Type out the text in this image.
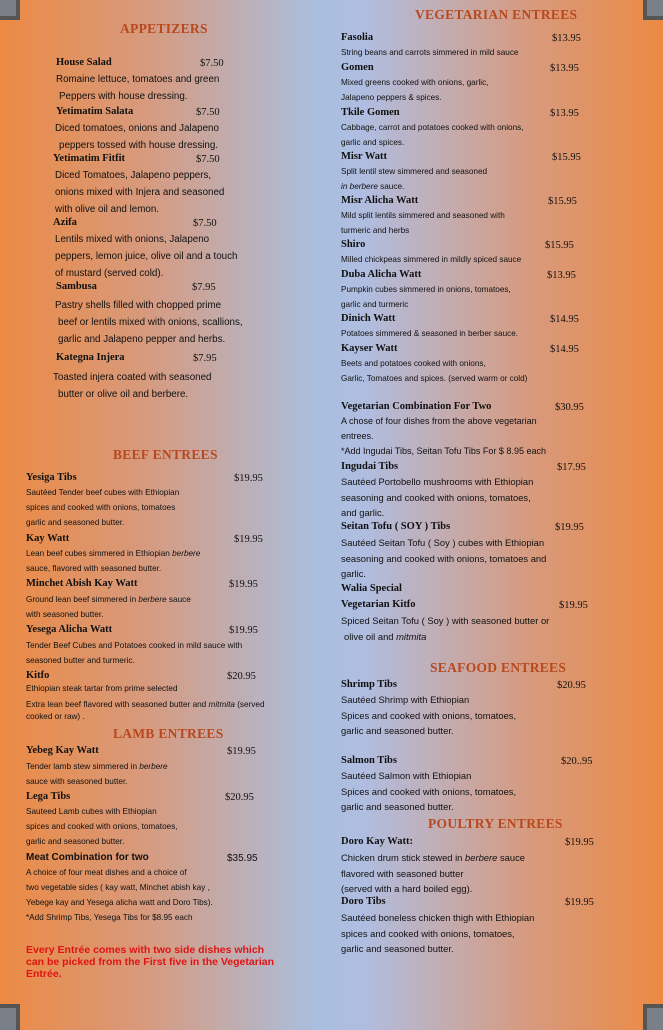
APPETIZERS
House Salad	$7.50
Romaine lettuce, tomatoes and green
Peppers with house dressing.
Yetimatim Salata	$7.50
Diced tomatoes, onions and Jalapeno
peppers tossed with house dressing.
Yetimatim Fitfit	$7.50
Diced Tomatoes, Jalapeno peppers,
onions mixed with Injera and seasoned
with olive oil and lemon.
Azifa	$7.50
Lentils mixed with onions, Jalapeno
peppers, lemon juice, olive oil and a touch
of mustard (served cold).
Sambusa	$7.95
Pastry shells filled with chopped prime
beef or lentils mixed with onions, scallions,
garlic and Jalapeno pepper and herbs.
Kategna Injera	$7.95
Toasted injera coated with seasoned
butter or olive oil and berbere.
BEEF ENTREES
Yesiga Tibs	$19.95
Sautéed Tender beef cubes with Ethiopian
spices and cooked with onions, tomatoes
garlic and seasoned butter.
Kay Watt	$19.95
Lean beef cubes simmered in Ethiopian berbere
sauce, flavored with seasoned butter.
Minchet Abish Kay Watt	$19.95
Ground lean beef simmered in berbere sauce
with seasoned butter.
Yesega Alicha Watt	$19.95
Tender Beef Cubes and Potatoes cooked in mild sauce with
seasoned butter and turmeric.
Kitfo	$20.95
Ethiopian steak tartar from prime selected
Extra lean beef flavored with seasoned butter and mitmita (served
cooked or raw) .
LAMB ENTREES
Yebeg Kay Watt	$19.95
Tender lamb stew simmered in berbere
sauce with seasoned butter.
Lega Tibs	$20.95
Sauteed Lamb cubes with Ethiopian
spices and cooked with onions, tomatoes,
garlic and seasoned butter.
Meat Combination for two	$35.95
A choice of four meat dishes and a choice of
two vegetable sides ( kay watt, Minchet abish kay ,
Yebege kay and Yesega alicha watt and Doro Tibs).
*Add Shrimp Tibs, Yesega Tibs for $8.95 each
Every Entrée comes with two side dishes which
can be picked from the First five in the Vegetarian
Entrée.
VEGETARIAN ENTREES
Fasolia	$13.95
String beans and carrots simmered in mild sauce
Gomen	$13.95
Mixed greens cooked with onions, garlic,
Jalapeno peppers & spices.
Tkile Gomen	$13.95
Cabbage, carrot and potatoes cooked with onions,
garlic and spices.
Misr Watt	$15.95
Split lentil stew simmered and seasoned
in berbere sauce.
Misr Alicha Watt	$15.95
Mild split lentils simmered and seasoned with
turmeric and herbs
Shiro	$15.95
Milled chickpeas simmered in mildly spiced sauce
Duba Alicha Watt	$13.95
Pumpkin cubes simmered in onions, tomatoes,
garlic and turmeric
Dinich Watt	$14.95
Potatoes simmered & seasoned in berber sauce.
Kayser Watt	$14.95
Beets and potatoes cooked with onions,
Garlic, Tomatoes and spices. (served warm or cold)
Vegetarian Combination For Two	$30.95
A chose of four dishes from the above vegetarian
entrees.
*Add Ingudai Tibs, Seitan Tofu Tibs For $ 8.95 each
Ingudai Tibs	$17.95
Sautéed Portobello mushrooms with Ethiopian
seasoning and cooked with onions, tomatoes,
and garlic.
Seitan Tofu ( SOY ) Tibs	$19.95
Sautéed Seitan Tofu ( Soy ) cubes with Ethiopian
seasoning and cooked with onions, tomatoes and
garlic.
Walia Special
Vegetarian Kitfo	$19.95
Spiced Seitan Tofu ( Soy ) with seasoned butter or
olive oil and mitmita
SEAFOOD ENTREES
Shrimp Tibs	$20.95
Sautéed Shrimp with Ethiopian
Spices and cooked with onions, tomatoes,
garlic and seasoned butter.
Salmon Tibs	$20..95
Sautéed Salmon with Ethiopian
Spices and cooked with onions, tomatoes,
garlic and seasoned butter.
POULTRY ENTREES
Doro Kay Watt:	$19.95
Chicken drum stick stewed in berbere sauce
flavored with seasoned butter
(served with a hard boiled egg).
Doro Tibs	$19.95
Sautéed boneless chicken thigh with Ethiopian
spices and cooked with onions, tomatoes,
garlic and seasoned butter.
